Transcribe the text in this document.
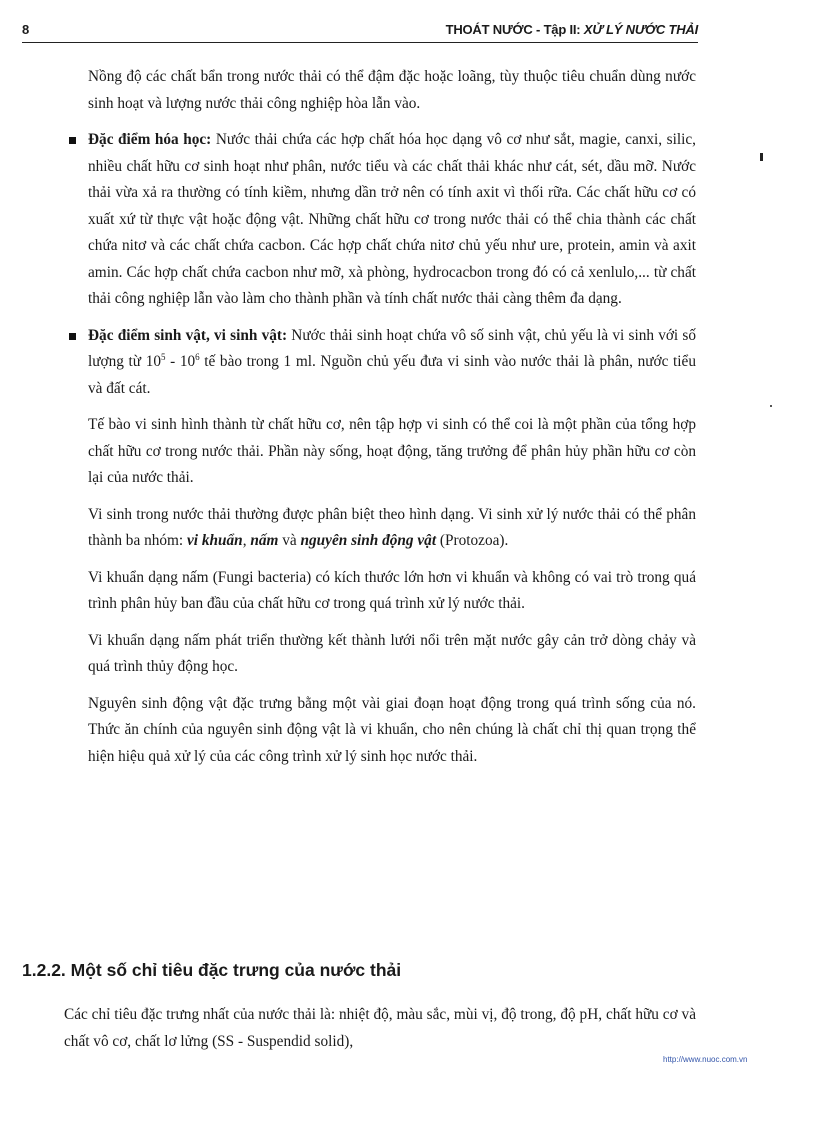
8	THOÁT NƯỚC - Tập II: XỬ LÝ NƯỚC THẢI

Nồng độ các chất bẩn trong nước thải có thể đậm đặc hoặc loãng, tùy thuộc tiêu chuẩn dùng nước sinh hoạt và lượng nước thải công nghiệp hòa lẫn vào.

Đặc điểm hóa học: Nước thải chứa các hợp chất hóa học dạng vô cơ như sắt, magie, canxi, silic, nhiều chất hữu cơ sinh hoạt như phân, nước tiểu và các chất thải khác như cát, sét, dầu mỡ. Nước thải vừa xả ra thường có tính kiềm, nhưng dần trở nên có tính axit vì thối rữa. Các chất hữu cơ có xuất xứ từ thực vật hoặc động vật. Những chất hữu cơ trong nước thải có thể chia thành các chất chứa nitơ và các chất chứa cacbon. Các hợp chất chứa nitơ chủ yếu như ure, protein, amin và axit amin. Các hợp chất chứa cacbon như mỡ, xà phòng, hydrocacbon trong đó có cả xenlulo,... từ chất thải công nghiệp lẫn vào làm cho thành phần và tính chất nước thải càng thêm đa dạng.

Đặc điểm sinh vật, vi sinh vật: Nước thải sinh hoạt chứa vô số sinh vật, chủ yếu là vi sinh với số lượng từ $10^5 - 10^6$ tế bào trong 1 ml. Nguồn chủ yếu đưa vi sinh vào nước thải là phân, nước tiểu và đất cát.

Tế bào vi sinh hình thành từ chất hữu cơ, nên tập hợp vi sinh có thể coi là một phần của tổng hợp chất hữu cơ trong nước thải. Phần này sống, hoạt động, tăng trưởng để phân hủy phần hữu cơ còn lại của nước thải.

Vi sinh trong nước thải thường được phân biệt theo hình dạng. Vi sinh xử lý nước thải có thể phân thành ba nhóm: vi khuẩn, nấm và nguyên sinh động vật (Protozoa).

Vi khuẩn dạng nấm (Fungi bacteria) có kích thước lớn hơn vi khuẩn và không có vai trò trong quá trình phân hủy ban đầu của chất hữu cơ trong quá trình xử lý nước thải.

Vi khuẩn dạng nấm phát triển thường kết thành lưới nổi trên mặt nước gây cản trở dòng chảy và quá trình thủy động học.

Nguyên sinh động vật đặc trưng bằng một vài giai đoạn hoạt động trong quá trình sống của nó. Thức ăn chính của nguyên sinh động vật là vi khuẩn, cho nên chúng là chất chỉ thị quan trọng thể hiện hiệu quả xử lý của các công trình xử lý sinh học nước thải.

1.2.2. Một số chỉ tiêu đặc trưng của nước thải

Các chỉ tiêu đặc trưng nhất của nước thải là: nhiệt độ, màu sắc, mùi vị, độ trong, độ pH, chất hữu cơ và chất vô cơ, chất lơ lửng (SS - Suspendid solid),

http://www.nuoc.com.vn
